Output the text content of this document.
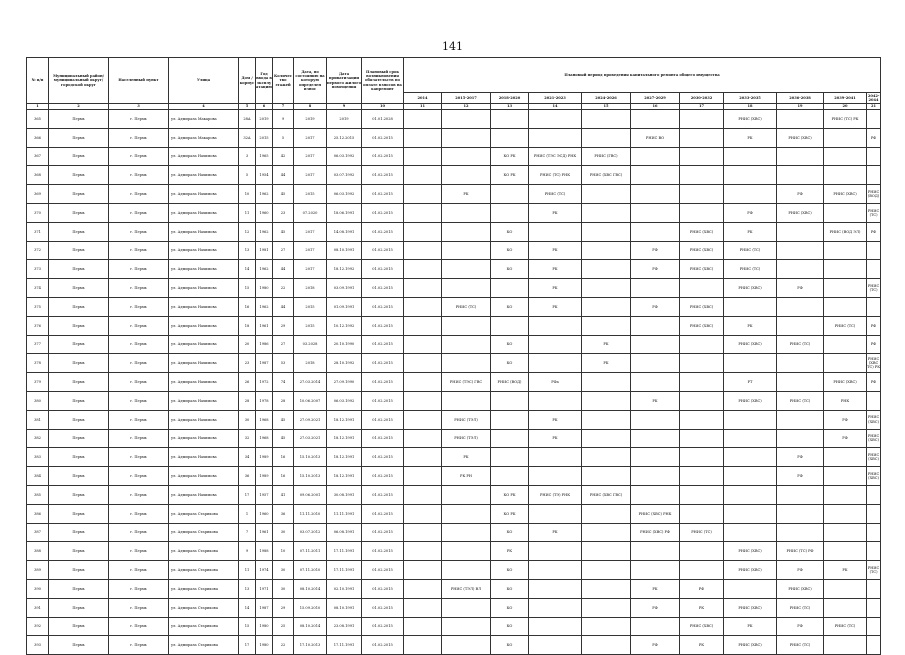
141
№ п/п	Муниципальный район/ муниципальный округ/городской округ	Населенный пункт	Улица	Дом / корпус	Год ввода в эксплуатацию	Количество этажей	Дата, по состоянию на которую определен износ	Дата приватизации первого жилого помещения	Плановый срок возникновения обязательств по оплате взносов на капремонт	Плановый период проведения капитального ремонта общего имущества										
										2014	2015-2017	2018-2020	2021-2023	2024-2026	2027-2029	2030-2032	2033-2035	2036-2038	2039-2041	2042-2044
1	2	3	4	5	6	7	8	9	10	11	12	13	14	15	16	17	18	19	20	21
365	Пермь	г. Пермь	ул. Адмирала Макарова	28А	2019	9	2019	2019	01.01.2028								РНИС (ХВС)		РНИС (ТС) РК	
366	Пермь	г. Пермь	ул. Адмирала Макарова	32А	2015	5	2017	25.12.2015	01.02.2015						РНИС ВО		РК	РНИС (ХВС)		РФ
367	Пермь	г. Пермь	ул. Адмирала Нахимова	3	1965	42	2017	06.03.1992	01.02.2015			КО РК	РНИС (ТЭС ЭСД) РНК	РНИС (ГВС)						
368	Пермь	г. Пермь	ул. Адмирала Нахимова	5	1954	44	2017	03.07.1992	01.02.2015			КО РК	РНИС (ТС) РНК	РНИС (ХВС ГВС)						
369	Пермь	г. Пермь	ул. Адмирала Нахимова	10	1962	45	2015	06.03.1992	01.02.2015		РК		РНИС (ТС)					РФ	РНИС (ХВС)	РНИС (ВОД)
370	Пермь	г. Пермь	ул. Адмирала Нахимова	11	1960	23	07.2020	18.06.1991	01.02.2015				РК				РФ	РНИС (ХВС)		РНИС (ТС)
371	Пермь	г. Пермь	ул. Адмирала Нахимова	12	1962	45	2017	14.08.1991	01.02.2015			КО				РНИС (ХВС)	РК		РНИС (ВОД ЭЛ)	РФ
372	Пермь	г. Пермь	ул. Адмирала Нахимова	13	1981	27	2017	08.10.1991	01.02.2015			КО	РК		РФ	РНИС (ХВС)	РНИС (ТС)			
373	Пермь	г. Пермь	ул. Адмирала Нахимова	14	1962	44	2017	18.12.1992	01.02.2015			КО	РК		РФ	РНИС (ХВС)	РНИС (ТС)			
374	Пермь	г. Пермь	ул. Адмирала Нахимова	15	1980	22	2018	03.09.1991	01.02.2015				РК				РНИС (ХВС)	РФ		РНИС (ТС)
375	Пермь	г. Пермь	ул. Адмирала Нахимова	16	1962	44	2015	01.09.1991	01.02.2015		РНИС (ТС)	КО	РК		РФ	РНИС (ХВС)				
376	Пермь	г. Пермь	ул. Адмирала Нахимова	18	1961	29	2015	10.12.1992	01.02.2015							РНИС (ХВС)	РК		РНИС (ТС)	РФ
377	Пермь	г. Пермь	ул. Адмирала Нахимова	20	1986	27	03.2028	20.10.1990	01.02.2015			КО		РК			РНИС (ХВС)	РНИС (ТС)		РФ
378	Пермь	г. Пермь	ул. Адмирала Нахимова	23	1987	53	2018	28.10.1992	01.02.2015			КО		РК						РНИС (ХВС ТС) РК
379	Пермь	г. Пермь	ул. Адмирала Нахимова	26	1972	74	27.03.2014	27.09.1990	01.02.2015		РНИС (ТЭС) ГВС	РНИС (ВОД)	РФа				РТ		РНИС (ХВС)	РФ
380	Пермь	г. Пермь	ул. Адмирала Нахимова	28	1978	28	10.06.2007	06.03.1992	01.02.2015						РК		РНИС (ХВС)	РНИС (ТС)	РНК	
381	Пермь	г. Пермь	ул. Адмирала Нахимова	30	1968	45	27.09.2021	18.12.1991	01.02.2015		РНИС (ТЭЛ)		РК						РФ	РНИС (ХВС)
382	Пермь	г. Пермь	ул. Адмирала Нахимова	32	1968	45	27.03.2021	18.12.1991	01.02.2015		РНИС (ТЭЛ)		РК						РФ	РНИС (ХВС)
383	Пермь	г. Пермь	ул. Адмирала Нахимова	34	1989	16	15.10.2013	18.12.1991	01.02.2015		РК							РФ		РНИС (ХВС)
384	Пермь	г. Пермь	ул. Адмирала Нахимова	36	1989	16	15.10.2013	18.12.1991	01.02.2015		РК РН							РФ		РНИС (ХВС)
385	Пермь	г. Пермь	ул. Адмирала Нахимова	17	1957	41	09.06.2001	30.08.1991	01.02.2015			КО РК	РНИС (ТЭ) РНК	РНИС (ХВС ГВС)						
386	Пермь	г. Пермь	ул. Адмирала Старикова	1	1960	36	11.11.2010	11.11.1991	01.02.2015			КО РК			РНИС (ХВС) РНК					
387	Пермь	г. Пермь	ул. Адмирала Старикова	7	1961	30	03.07.2012	06.08.1991	01.02.2015			КО	РК		РНИС (ХВС) РФ	РНИС (ТС)				
388	Пермь	г. Пермь	ул. Адмирала Старикова	9	1988	10	07.11.2011	17.11.1991	01.02.2015			РК					РНИС (ХВС)	РНИС (ТС) РФ		
389	Пермь	г. Пермь	ул. Адмирала Старикова	11	1974	30	07.11.2010	17.11.1991	01.02.2015			КО					РНИС (ХВС)	РФ	РК	РНИС (ТС)
390	Пермь	г. Пермь	ул. Адмирала Старикова	13	1971	30	08.10.2014	02.10.1991	01.02.2015		РНИС (ТЭЛ) ВЛ	КО			РК	РФ		РНИС (ХВС)		
391	Пермь	г. Пермь	ул. Адмирала Старикова	14	1987	29	15.09.2010	08.10.1991	01.02.2015			КО			РФ	РК	РНИС (ХВС)	РНИС (ТС)		
392	Пермь	г. Пермь	ул. Адмирала Старикова	15	1980	25	08.10.2014	23.08.1991	01.02.2015			КО				РНИС (ХВС)	РК	РФ	РНИС (ТС)	
393	Пермь	г. Пермь	ул. Адмирала Старикова	17	1980	22	17.10.2013	17.11.1991	01.02.2015			КО			РФ	РК	РНИС (ХВС)	РНИС (ТС)		
